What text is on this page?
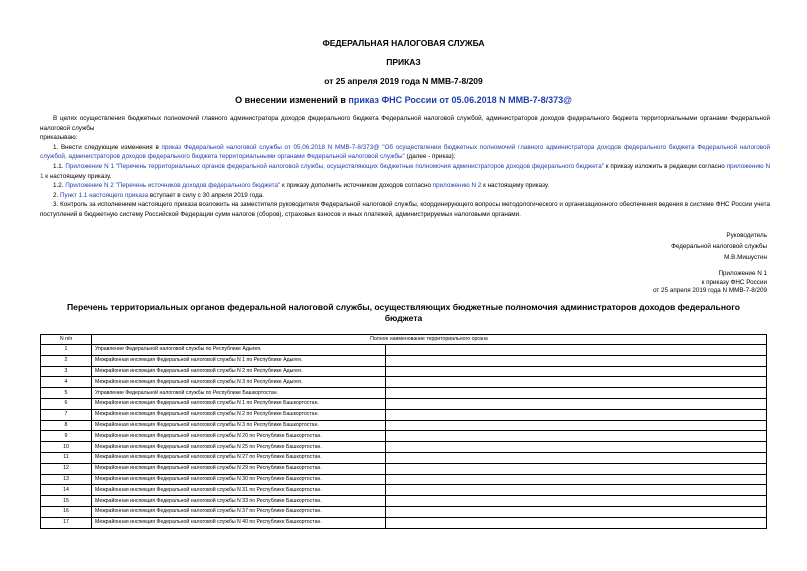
ФЕДЕРАЛЬНАЯ НАЛОГОВАЯ СЛУЖБА
ПРИКАЗ
от 25 апреля 2019 года N ММВ-7-8/209
О внесении изменений в приказ ФНС России от 05.06.2018 N ММВ-7-8/373@

В целях осуществления бюджетных полномочий главного администратора доходов федерального бюджета Федеральной налоговой службой, администраторов доходов федерального бюджета территориальными органами Федеральной налоговой службы

приказываю:

1. Внести следующие изменения в приказ Федеральной налоговой службы от 05.06.2018 N ММВ-7-8/373@ "Об осуществлении бюджетных полномочий главного администратора доходов федерального бюджета Федеральной налоговой службой, администраторов доходов федерального бюджета территориальными органами Федеральной налоговой службы" (далее - приказ):

1.1. Приложение N 1 "Перечень территориальных органов федеральной налоговой службы, осуществляющих бюджетные полномочия администраторов доходов федерального бюджета" к приказу изложить в редакции согласно приложению N 1 к настоящему приказу.

1.2. Приложение N 2 "Перечень источников доходов федерального бюджета" к приказу дополнить источником доходов согласно приложению N 2 к настоящему приказу.

2. Пункт 1.1 настоящего приказа вступает в силу с 30 апреля 2019 года.

3. Контроль за исполнением настоящего приказа возложить на заместителя руководителя Федеральной налоговой службы, координирующего вопросы методологического и организационного обеспечения ведения в системе ФНС России учета поступлений в бюджетную систему Российской Федерации сумм налогов (сборов), страховых взносов и иных платежей, администрируемых налоговыми органами.

Руководитель
Федеральной налоговой службы
М.В.Мишустин
Приложение N 1
к приказу ФНС России
от 25 апреля 2019 года N ММВ-7-8/209
Перечень территориальных органов федеральной налоговой службы, осуществляющих бюджетные полномочия администраторов доходов федерального бюджета
N п/п	Полное наименование территориального органа	
1	Управление Федеральной налоговой службы по Республике Адыгея.	
2	Межрайонная инспекция Федеральной налоговой службы N 1 по Республике Адыгея.	
3	Межрайонная инспекция Федеральной налоговой службы N 2 по Республике Адыгея.	
4	Межрайонная инспекция Федеральной налоговой службы N 3 по Республике Адыгея.	
5	Управление Федеральной налоговой службы по Республике Башкортостан.	
6	Межрайонная инспекция Федеральной налоговой службы N 1 по Республике Башкортостан.	
7	Межрайонная инспекция Федеральной налоговой службы N 2 по Республике Башкортостан.	
8	Межрайонная инспекция Федеральной налоговой службы N 3 по Республике Башкортостан.	
9	Межрайонная инспекция Федеральной налоговой службы N 20 по Республике Башкортостан.	
10	Межрайонная инспекция Федеральной налоговой службы N 25 по Республике Башкортостан.	
11	Межрайонная инспекция Федеральной налоговой службы N 27 по Республике Башкортостан.	
12	Межрайонная инспекция Федеральной налоговой службы N 29 по Республике Башкортостан.	
13	Межрайонная инспекция Федеральной налоговой службы N 30 по Республике Башкортостан.	
14	Межрайонная инспекция Федеральной налоговой службы N 31 по Республике Башкортостан.	
15	Межрайонная инспекция Федеральной налоговой службы N 33 по Республике Башкортостан.	
16	Межрайонная инспекция Федеральной налоговой службы N 37 по Республике Башкортостан.	
17	Межрайонная инспекция Федеральной налоговой службы N 40 по Республике Башкортостан.	
